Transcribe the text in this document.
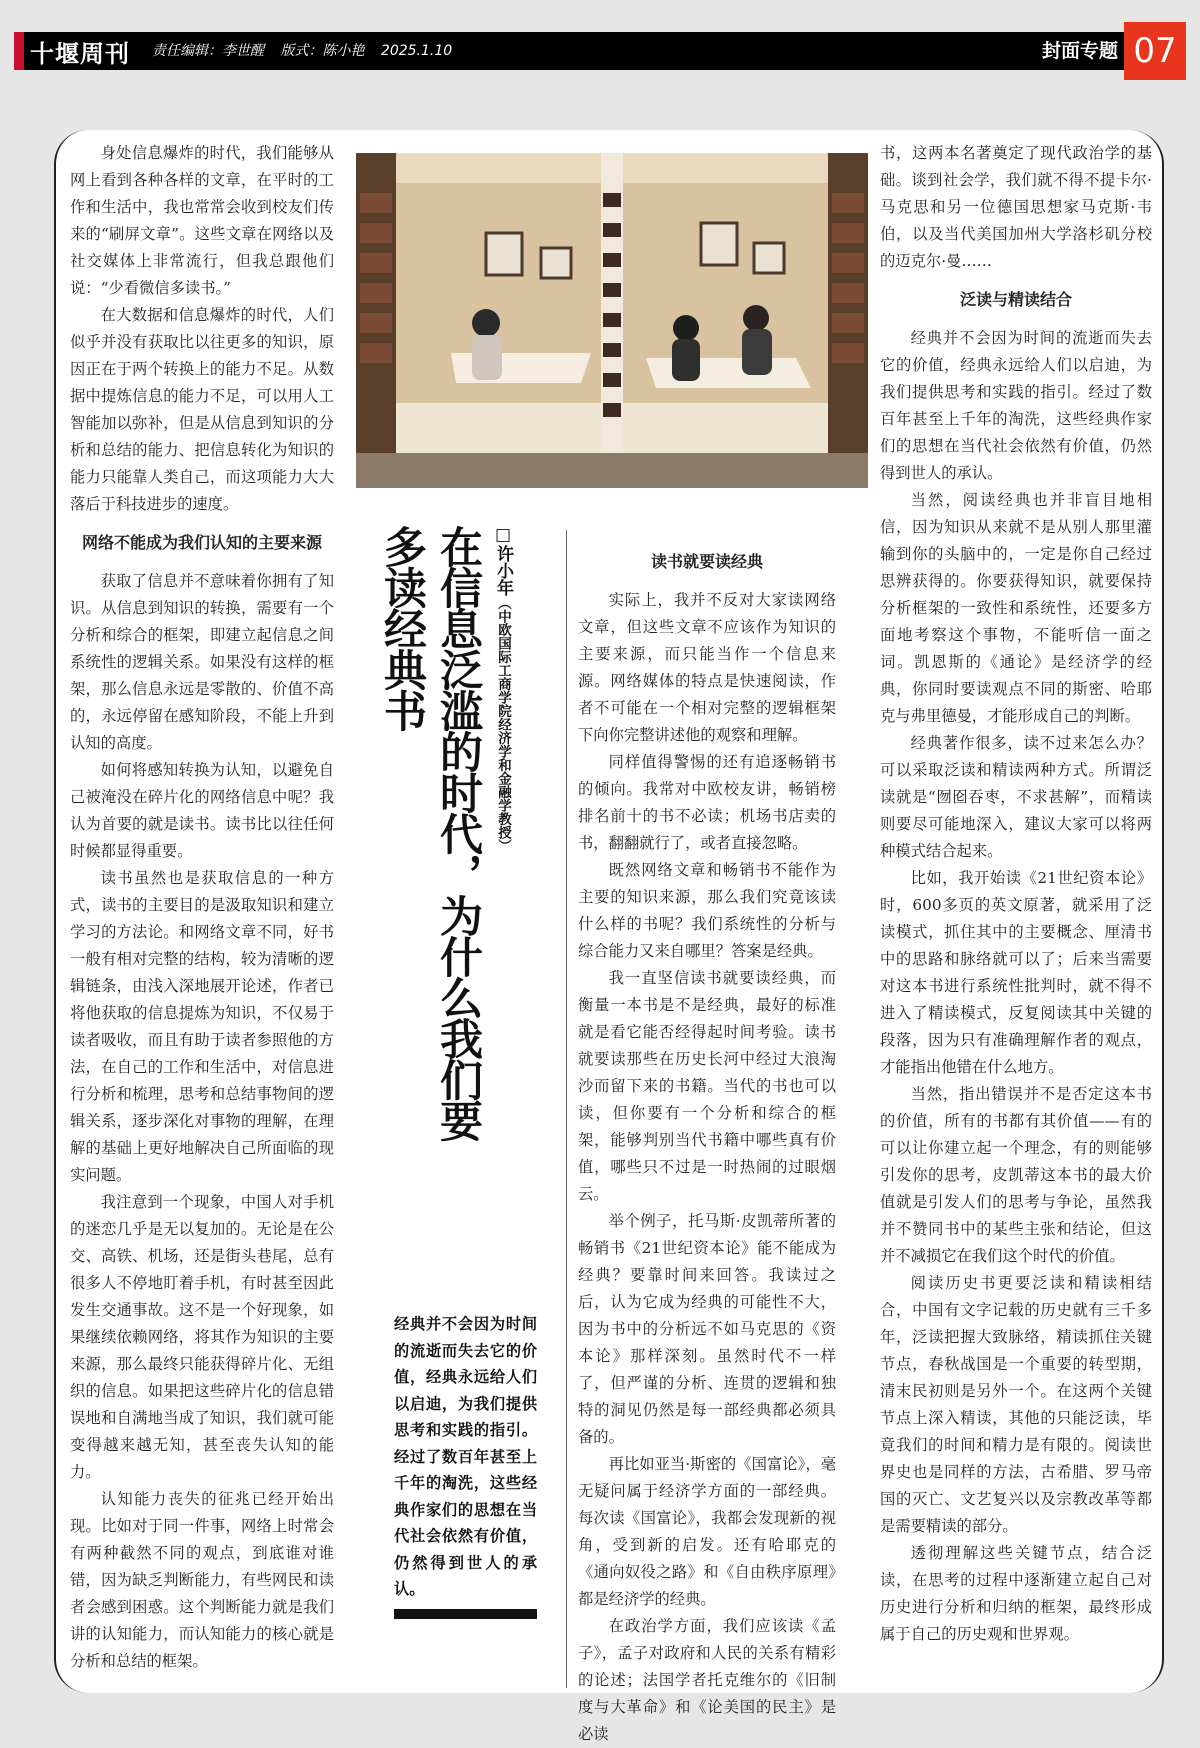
十堰周刊 责任编辑：李世醒 版式：陈小艳 2025.1.10	封面专题 07

身处信息爆炸的时代，我们能够从网上看到各种各样的文章，在平时的工作和生活中，我也常常会收到校友们传来的“刷屏文章”。这些文章在网络以及社交媒体上非常流行，但我总跟他们说：“少看微信多读书。”

在大数据和信息爆炸的时代，人们似乎并没有获取比以往更多的知识，原因正在于两个转换上的能力不足。从数据中提炼信息的能力不足，可以用人工智能加以弥补，但是从信息到知识的分析和总结的能力、把信息转化为知识的能力只能靠人类自己，而这项能力大大落后于科技进步的速度。

网络不能成为我们认知的主要来源

获取了信息并不意味着你拥有了知识。从信息到知识的转换，需要有一个分析和综合的框架，即建立起信息之间系统性的逻辑关系。如果没有这样的框架，那么信息永远是零散的、价值不高的，永远停留在感知阶段，不能上升到认知的高度。

如何将感知转换为认知，以避免自己被淹没在碎片化的网络信息中呢？我认为首要的就是读书。读书比以往任何时候都显得重要。

读书虽然也是获取信息的一种方式，读书的主要目的是汲取知识和建立学习的方法论。和网络文章不同，好书一般有相对完整的结构，较为清晰的逻辑链条，由浅入深地展开论述，作者已将他获取的信息提炼为知识，不仅易于读者吸收，而且有助于读者参照他的方法，在自己的工作和生活中，对信息进行分析和梳理，思考和总结事物间的逻辑关系，逐步深化对事物的理解，在理解的基础上更好地解决自己所面临的现实问题。

我注意到一个现象，中国人对手机的迷恋几乎是无以复加的。无论是在公交、高铁、机场，还是街头巷尾，总有很多人不停地盯着手机，有时甚至因此发生交通事故。这不是一个好现象，如果继续依赖网络，将其作为知识的主要来源，那么最终只能获得碎片化、无组织的信息。如果把这些碎片化的信息错误地和自满地当成了知识，我们就可能变得越来越无知，甚至丧失认知的能力。

认知能力丧失的征兆已经开始出现。比如对于同一件事，网络上时常会有两种截然不同的观点，到底谁对谁错，因为缺乏判断能力，有些网民和读者会感到困惑。这个判断能力就是我们讲的认知能力，而认知能力的核心就是分析和总结的框架。

在信息泛滥的时代，为什么我们要多读经典书	□许小年（中欧国际工商学院经济学和金融学教授）
经典并不会因为时间的流逝而失去它的价值，经典永远给人们以启迪，为我们提供思考和实践的指引。经过了数百年甚至上千年的淘洗，这些经典作家们的思想在当代社会依然有价值，仍然得到世人的承认。
读书就要读经典

实际上，我并不反对大家读网络文章，但这些文章不应该作为知识的主要来源，而只能当作一个信息来源。网络媒体的特点是快速阅读，作者不可能在一个相对完整的逻辑框架下向你完整讲述他的观察和理解。

同样值得警惕的还有追逐畅销书的倾向。我常对中欧校友讲，畅销榜排名前十的书不必读；机场书店卖的书，翻翻就行了，或者直接忽略。

既然网络文章和畅销书不能作为主要的知识来源，那么我们究竟该读什么样的书呢？我们系统性的分析与综合能力又来自哪里？答案是经典。

我一直坚信读书就要读经典，而衡量一本书是不是经典，最好的标准就是看它能否经得起时间考验。读书就要读那些在历史长河中经过大浪淘沙而留下来的书籍。当代的书也可以读，但你要有一个分析和综合的框架，能够判别当代书籍中哪些真有价值，哪些只不过是一时热闹的过眼烟云。

举个例子，托马斯·皮凯蒂所著的畅销书《21世纪资本论》能不能成为经典？要靠时间来回答。我读过之后，认为它成为经典的可能性不大，因为书中的分析远不如马克思的《资本论》那样深刻。虽然时代不一样了，但严谨的分析、连贯的逻辑和独特的洞见仍然是每一部经典都必须具备的。

再比如亚当·斯密的《国富论》，毫无疑问属于经济学方面的一部经典。每次读《国富论》，我都会发现新的视角，受到新的启发。还有哈耶克的《通向奴役之路》和《自由秩序原理》都是经济学的经典。

在政治学方面，我们应该读《孟子》，孟子对政府和人民的关系有精彩的论述；法国学者托克维尔的《旧制度与大革命》和《论美国的民主》是必读

书，这两本名著奠定了现代政治学的基础。谈到社会学，我们就不得不提卡尔·马克思和另一位德国思想家马克斯·韦伯，以及当代美国加州大学洛杉矶分校的迈克尔·曼……

泛读与精读结合

经典并不会因为时间的流逝而失去它的价值，经典永远给人们以启迪，为我们提供思考和实践的指引。经过了数百年甚至上千年的淘洗，这些经典作家们的思想在当代社会依然有价值，仍然得到世人的承认。

当然，阅读经典也并非盲目地相信，因为知识从来就不是从别人那里灌输到你的头脑中的，一定是你自己经过思辨获得的。你要获得知识，就要保持分析框架的一致性和系统性，还要多方面地考察这个事物，不能听信一面之词。凯恩斯的《通论》是经济学的经典，你同时要读观点不同的斯密、哈耶克与弗里德曼，才能形成自己的判断。

经典著作很多，读不过来怎么办？可以采取泛读和精读两种方式。所谓泛读就是“囫囵吞枣，不求甚解”，而精读则要尽可能地深入，建议大家可以将两种模式结合起来。

比如，我开始读《21世纪资本论》时，600多页的英文原著，就采用了泛读模式，抓住其中的主要概念、厘清书中的思路和脉络就可以了；后来当需要对这本书进行系统性批判时，就不得不进入了精读模式，反复阅读其中关键的段落，因为只有准确理解作者的观点，才能指出他错在什么地方。

当然，指出错误并不是否定这本书的价值，所有的书都有其价值——有的可以让你建立起一个理念，有的则能够引发你的思考，皮凯蒂这本书的最大价值就是引发人们的思考与争论，虽然我并不赞同书中的某些主张和结论，但这并不减损它在我们这个时代的价值。

阅读历史书更要泛读和精读相结合，中国有文字记载的历史就有三千多年，泛读把握大致脉络，精读抓住关键节点，春秋战国是一个重要的转型期，清末民初则是另外一个。在这两个关键节点上深入精读，其他的只能泛读，毕竟我们的时间和精力是有限的。阅读世界史也是同样的方法，古希腊、罗马帝国的灭亡、文艺复兴以及宗教改革等都是需要精读的部分。

透彻理解这些关键节点，结合泛读，在思考的过程中逐渐建立起自己对历史进行分析和归纳的框架，最终形成属于自己的历史观和世界观。
